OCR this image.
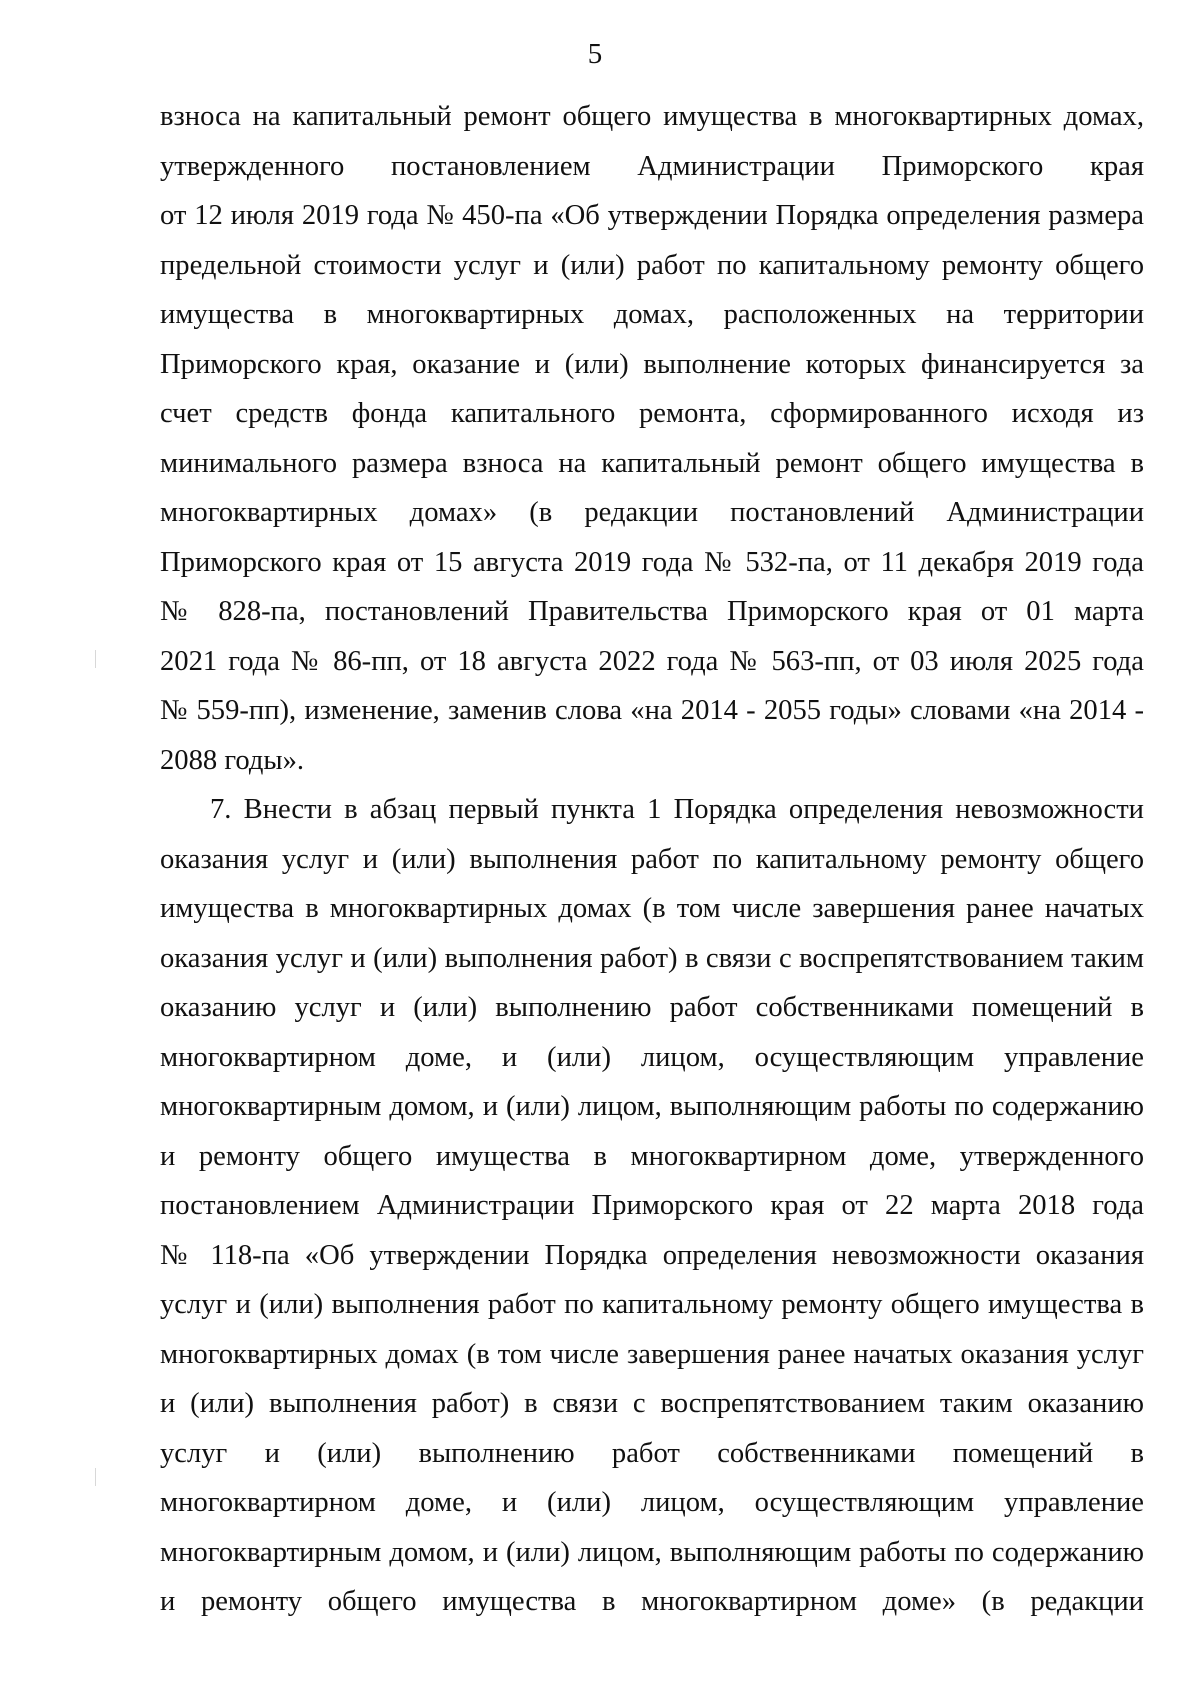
5
взноса на капитальный ремонт общего имущества в многоквартирных домах,
утвержденного постановлением Администрации Приморского края
от 12 июля 2019 года № 450-па «Об утверждении Порядка определения размера
предельной стоимости услуг и (или) работ по капитальному ремонту общего
имущества в многоквартирных домах, расположенных на территории
Приморского края, оказание и (или) выполнение которых финансируется за
счет средств фонда капитального ремонта, сформированного исходя из
минимального размера взноса на капитальный ремонт общего имущества в
многоквартирных домах» (в редакции постановлений Администрации
Приморского края от 15 августа 2019 года № 532-па, от 11 декабря 2019 года
№ 828-па, постановлений Правительства Приморского края от 01 марта
2021 года № 86-пп, от 18 августа 2022 года № 563-пп, от 03 июля 2025 года
№ 559-пп), изменение, заменив слова «на 2014 - 2055 годы» словами «на 2014 -
2088 годы».
7. Внести в абзац первый пункта 1 Порядка определения невозможности
оказания услуг и (или) выполнения работ по капитальному ремонту общего
имущества в многоквартирных домах (в том числе завершения ранее начатых
оказания услуг и (или) выполнения работ) в связи с воспрепятствованием таким
оказанию услуг и (или) выполнению работ собственниками помещений в
многоквартирном доме, и (или) лицом, осуществляющим управление
многоквартирным домом, и (или) лицом, выполняющим работы по содержанию
и ремонту общего имущества в многоквартирном доме, утвержденного
постановлением Администрации Приморского края от 22 марта 2018 года
№ 118-па «Об утверждении Порядка определения невозможности оказания
услуг и (или) выполнения работ по капитальному ремонту общего имущества в
многоквартирных домах (в том числе завершения ранее начатых оказания услуг
и (или) выполнения работ) в связи с воспрепятствованием таким оказанию
услуг и (или) выполнению работ собственниками помещений в
многоквартирном доме, и (или) лицом, осуществляющим управление
многоквартирным домом, и (или) лицом, выполняющим работы по содержанию
и ремонту общего имущества в многоквартирном доме» (в редакции
